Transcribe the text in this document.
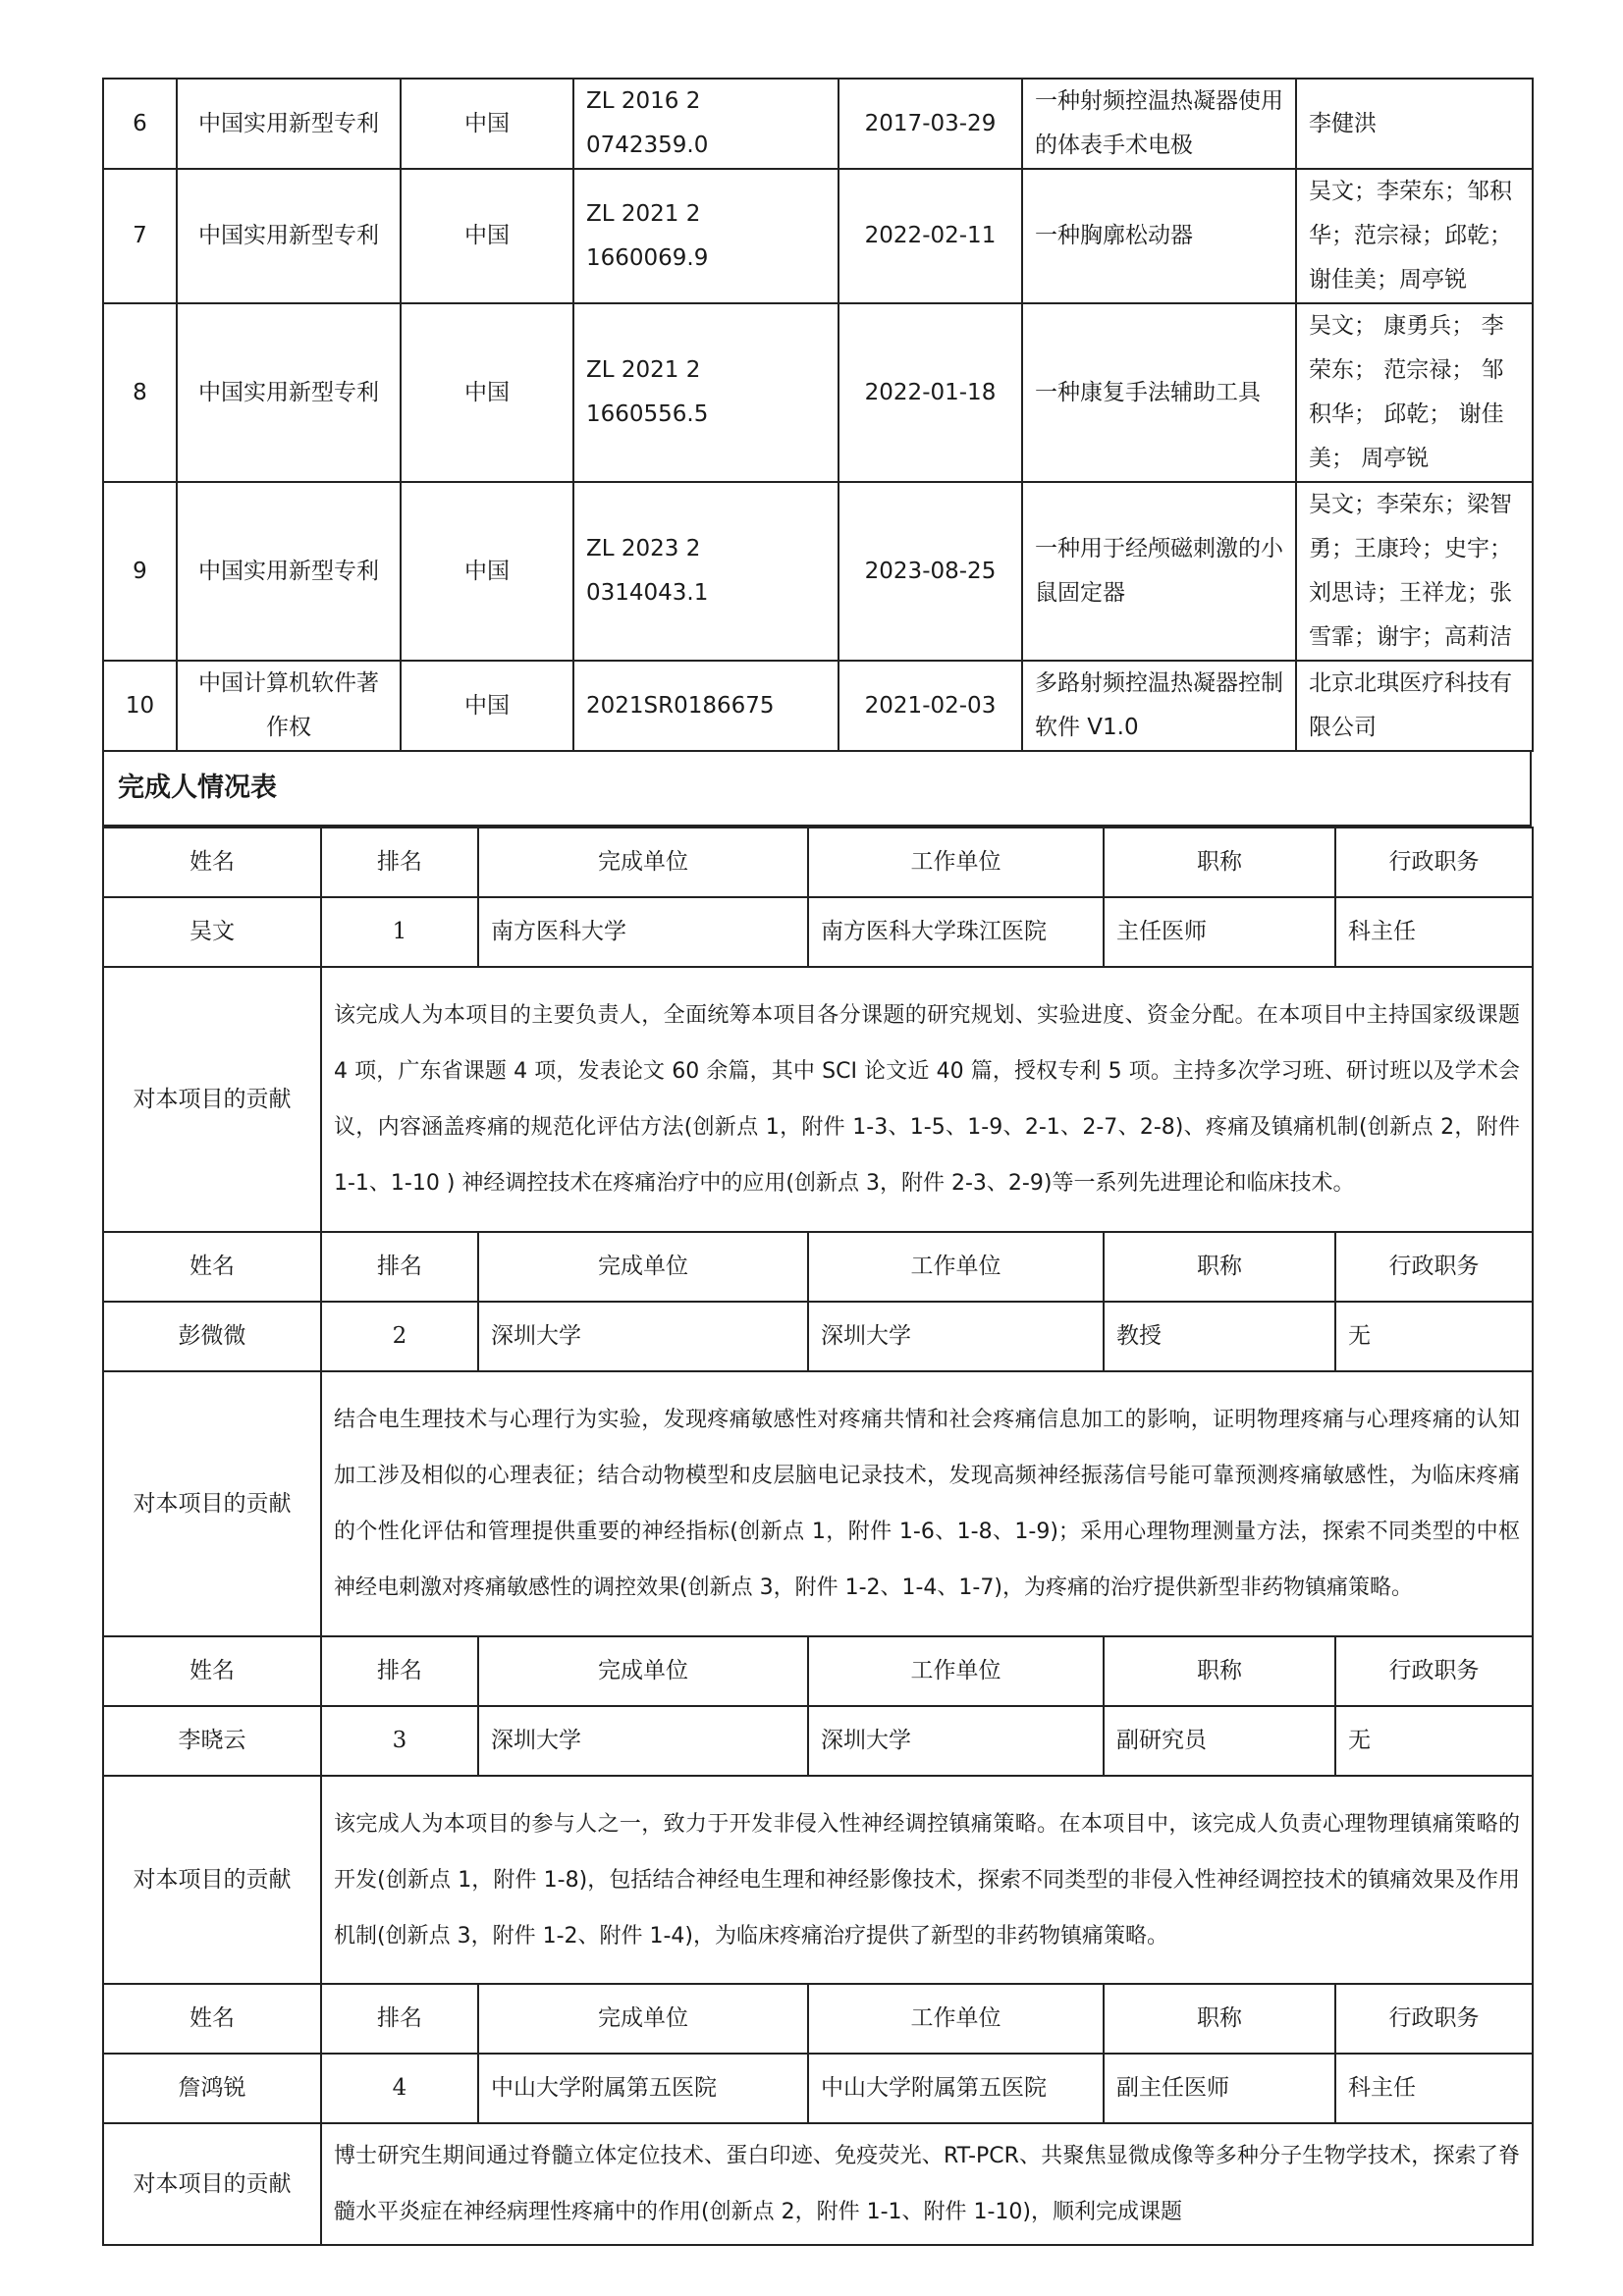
6	中国实用新型专利	中国	ZL 2016 2 0742359.0	2017-03-29	一种射频控温热凝器使用的体表手术电极	李健洪
7	中国实用新型专利	中国	ZL 2021 2 1660069.9	2022-02-11	一种胸廓松动器	吴文；李荣东；邹积华；范宗禄；邱乾；谢佳美；周亭锐
8	中国实用新型专利	中国	ZL 2021 2 1660556.5	2022-01-18	一种康复手法辅助工具	吴文； 康勇兵； 李荣东； 范宗禄； 邹积华； 邱乾； 谢佳美； 周亭锐
9	中国实用新型专利	中国	ZL 2023 2 0314043.1	2023-08-25	一种用于经颅磁刺激的小鼠固定器	吴文；李荣东；梁智勇；王康玲；史宇；刘思诗；王祥龙；张雪霏；谢宇；高莉洁
10	中国计算机软件著作权	中国	2021SR0186675	2021-02-03	多路射频控温热凝器控制软件 V1.0	北京北琪医疗科技有限公司
完成人情况表
姓名	排名	完成单位	工作单位	职称	行政职务
吴文	1	南方医科大学	南方医科大学珠江医院	主任医师	科主任
对本项目的贡献	该完成人为本项目的主要负责人，全面统筹本项目各分课题的研究规划、实验进度、资金分配。在本项目中主持国家级课题 4 项，广东省课题 4 项，发表论文 60 余篇，其中 SCI 论文近 40 篇，授权专利 5 项。主持多次学习班、研讨班以及学术会议，内容涵盖疼痛的规范化评估方法(创新点 1，附件 1-3、1-5、1-9、2-1、2-7、2-8)、疼痛及镇痛机制(创新点 2，附件 1-1、1-10 ) 神经调控技术在疼痛治疗中的应用(创新点 3，附件 2-3、2-9)等一系列先进理论和临床技术。				
姓名	排名	完成单位	工作单位	职称	行政职务
彭微微	2	深圳大学	深圳大学	教授	无
对本项目的贡献	结合电生理技术与心理行为实验，发现疼痛敏感性对疼痛共情和社会疼痛信息加工的影响，证明物理疼痛与心理疼痛的认知加工涉及相似的心理表征；结合动物模型和皮层脑电记录技术，发现高频神经振荡信号能可靠预测疼痛敏感性，为临床疼痛的个性化评估和管理提供重要的神经指标(创新点 1，附件 1-6、1-8、1-9)；采用心理物理测量方法，探索不同类型的中枢神经电刺激对疼痛敏感性的调控效果(创新点 3，附件 1-2、1-4、1-7)，为疼痛的治疗提供新型非药物镇痛策略。				
姓名	排名	完成单位	工作单位	职称	行政职务
李晓云	3	深圳大学	深圳大学	副研究员	无
对本项目的贡献	该完成人为本项目的参与人之一，致力于开发非侵入性神经调控镇痛策略。在本项目中，该完成人负责心理物理镇痛策略的开发(创新点 1，附件 1-8)，包括结合神经电生理和神经影像技术，探索不同类型的非侵入性神经调控技术的镇痛效果及作用机制(创新点 3，附件 1-2、附件 1-4)，为临床疼痛治疗提供了新型的非药物镇痛策略。				
姓名	排名	完成单位	工作单位	职称	行政职务
詹鸿锐	4	中山大学附属第五医院	中山大学附属第五医院	副主任医师	科主任
对本项目的贡献	博士研究生期间通过脊髓立体定位技术、蛋白印迹、免疫荧光、RT-PCR、共聚焦显微成像等多种分子生物学技术，探索了脊髓水平炎症在神经病理性疼痛中的作用(创新点 2，附件 1-1、附件 1-10)，顺利完成课题				
